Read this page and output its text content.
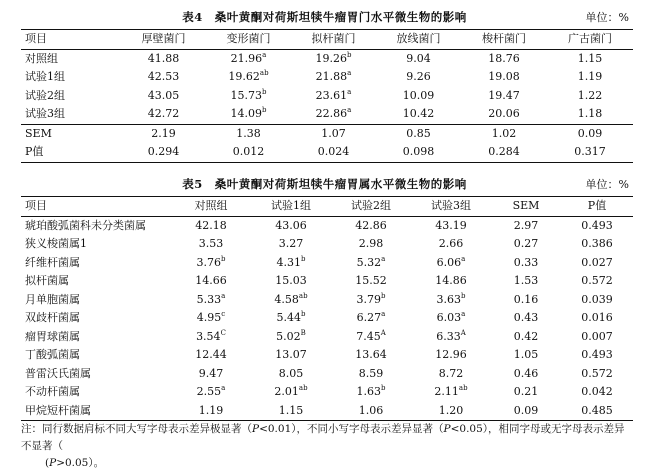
表4　桑叶黄酮对荷斯坦犊牛瘤胃门水平微生物的影响	单位：%
项目	厚壁菌门	变形菌门	拟杆菌门	放线菌门	梭杆菌门	广古菌门
对照组	41.88	21.96$^a$	19.26$^b$	9.04	18.76	1.15
试验1组	42.53	19.62$^{ab}$	21.88$^a$	9.26	19.08	1.19
试验2组	43.05	15.73$^b$	23.61$^a$	10.09	19.47	1.22
试验3组	42.72	14.09$^b$	22.86$^a$	10.42	20.06	1.18
SEM	2.19	1.38	1.07	0.85	1.02	0.09
P值	0.294	0.012	0.024	0.098	0.284	0.317
表5　桑叶黄酮对荷斯坦犊牛瘤胃属水平微生物的影响	单位：%
项目	对照组	试验1组	试验2组	试验3组	SEM	P值
琥珀酸弧菌科未分类菌属	42.18	43.06	42.86	43.19	2.97	0.493
狭义梭菌属1	3.53	3.27	2.98	2.66	0.27	0.386
纤维杆菌属	3.76$^b$	4.31$^b$	5.32$^a$	6.06$^a$	0.33	0.027
拟杆菌属	14.66	15.03	15.52	14.86	1.53	0.572
月单胞菌属	5.33$^a$	4.58$^{ab}$	3.79$^b$	3.63$^b$	0.16	0.039
双歧杆菌属	4.95$^c$	5.44$^b$	6.27$^a$	6.03$^a$	0.43	0.016
瘤胃球菌属	$3.54^C$	$5.02^B$	$7.45^A$	$6.33^A$	0.42	0.007
丁酸弧菌属	12.44	13.07	13.64	12.96	1.05	0.493
普雷沃氏菌属	9.47	8.05	8.59	8.72	0.46	0.572
不动杆菌属	2.55$^a$	2.01$^{ab}$	1.63$^b$	2.11$^{ab}$	0.21	0.042
甲烷短杆菌属	1.19	1.15	1.06	1.20	0.09	0.485
注：同行数据肩标不同大写字母表示差异极显著（P<0.01），不同小写字母表示差异显著（P<0.05），相同字母或无字母表示差异不显著（
(P>0.05）。
